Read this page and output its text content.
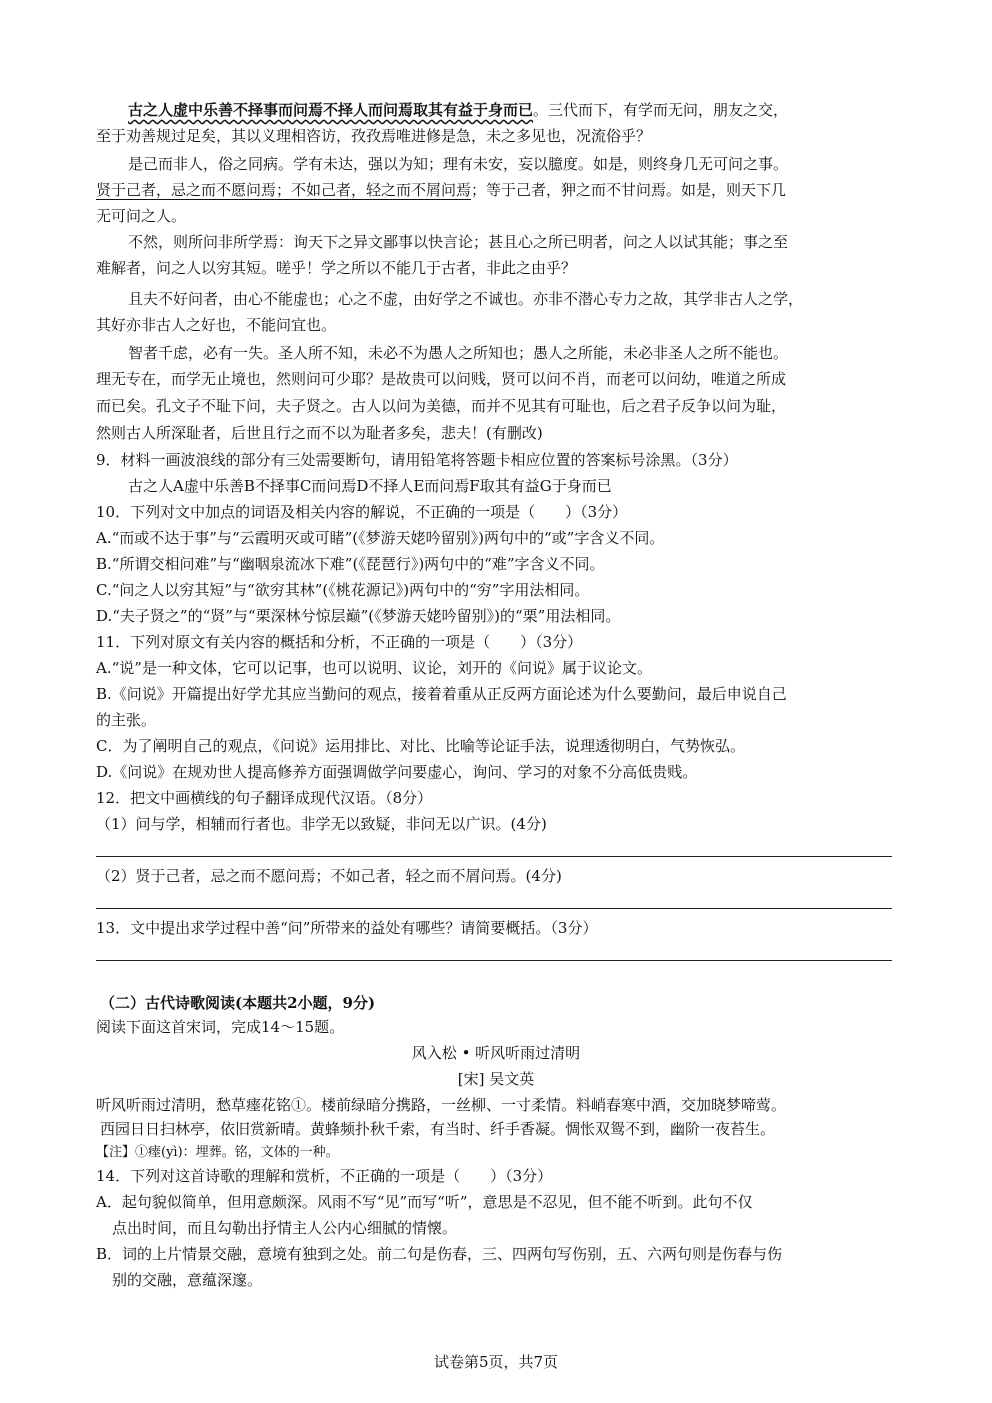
古之人虚中乐善不择事而问焉不择人而问焉取其有益于身而已。三代而下，有学而无问，朋友之交，
至于劝善规过足矣，其以义理相咨访，孜孜焉唯进修是急，未之多见也，况流俗乎？
是己而非人，俗之同病。学有未达，强以为知；理有未安，妄以臆度。如是，则终身几无可问之事。
贤于己者，忌之而不愿问焉；不如己者，轻之而不屑问焉；等于己者，狎之而不甘问焉。如是，则天下几
无可问之人。
不然，则所问非所学焉：询天下之异文鄙事以快言论；甚且心之所已明者，问之人以试其能；事之至
难解者，问之人以穷其短。嗟乎！学之所以不能几于古者，非此之由乎？
且夫不好问者，由心不能虚也；心之不虚，由好学之不诚也。亦非不潜心专力之故，其学非古人之学，
其好亦非古人之好也，不能问宜也。
智者千虑，必有一失。圣人所不知，未必不为愚人之所知也；愚人之所能，未必非圣人之所不能也。
理无专在，而学无止境也，然则问可少耶？是故贵可以问贱，贤可以问不肖，而老可以问幼，唯道之所成
而已矣。孔文子不耻下问，夫子贤之。古人以问为美德，而并不见其有可耻也，后之君子反争以问为耻，
然则古人所深耻者，后世且行之而不以为耻者多矣，悲夫！(有删改)
9．材料一画波浪线的部分有三处需要断句，请用铅笔将答题卡相应位置的答案标号涂黑。（3分）
古之人A虚中乐善B不择事C而问焉D不择人E而问焉F取其有益G于身而已
10．下列对文中加点的词语及相关内容的解说，不正确的一项是（　　）（3分）
A.“而或不达于事”与“云霞明灭或可睹”(《梦游天姥吟留别》)两句中的“或”字含义不同。
B.“所谓交相问难”与“幽咽泉流冰下难”(《琵琶行》)两句中的“难”字含义不同。
C.“问之人以穷其短”与“欲穷其林”(《桃花源记》)两句中的“穷”字用法相同。
D.“夫子贤之”的“贤”与“栗深林兮惊层巅”(《梦游天姥吟留别》)的“栗”用法相同。
11．下列对原文有关内容的概括和分析，不正确的一项是（　　）（3分）
A.“说”是一种文体，它可以记事，也可以说明、议论，刘开的《问说》属于议论文。
B.《问说》开篇提出好学尤其应当勤问的观点，接着着重从正反两方面论述为什么要勤问，最后申说自己
的主张。
C．为了阐明自己的观点，《问说》运用排比、对比、比喻等论证手法，说理透彻明白，气势恢弘。
D.《问说》在规劝世人提高修养方面强调做学问要虚心，询问、学习的对象不分高低贵贱。
12．把文中画横线的句子翻译成现代汉语。（8分）
（1）问与学，相辅而行者也。非学无以致疑，非问无以广识。(4分)
（2）贤于己者，忌之而不愿问焉；不如己者，轻之而不屑问焉。(4分)
13．文中提出求学过程中善“问”所带来的益处有哪些？请简要概括。（3分）
（二）古代诗歌阅读(本题共2小题，9分)
阅读下面这首宋词，完成14～15题。
风入松 • 听风听雨过清明
[宋] 吴文英
听风听雨过清明，愁草瘗花铭①。楼前绿暗分携路，一丝柳、一寸柔情。料峭春寒中酒，交加晓梦啼莺。
西园日日扫林亭，依旧赏新晴。黄蜂频扑秋千索，有当时、纤手香凝。惆怅双鸳不到，幽阶一夜苔生。
【注】①瘗(yì)：埋葬。铭，文体的一种。
14．下列对这首诗歌的理解和赏析，不正确的一项是（　　）（3分）
A．起句貌似简单，但用意颇深。风雨不写“见”而写“听”，意思是不忍见，但不能不听到。此句不仅
点出时间，而且勾勒出抒情主人公内心细腻的情懐。
B．词的上片情景交融，意境有独到之处。前二句是伤春，三、四两句写伤别，五、六两句则是伤春与伤
别的交融，意蕴深邃。
试卷第5页，共7页
